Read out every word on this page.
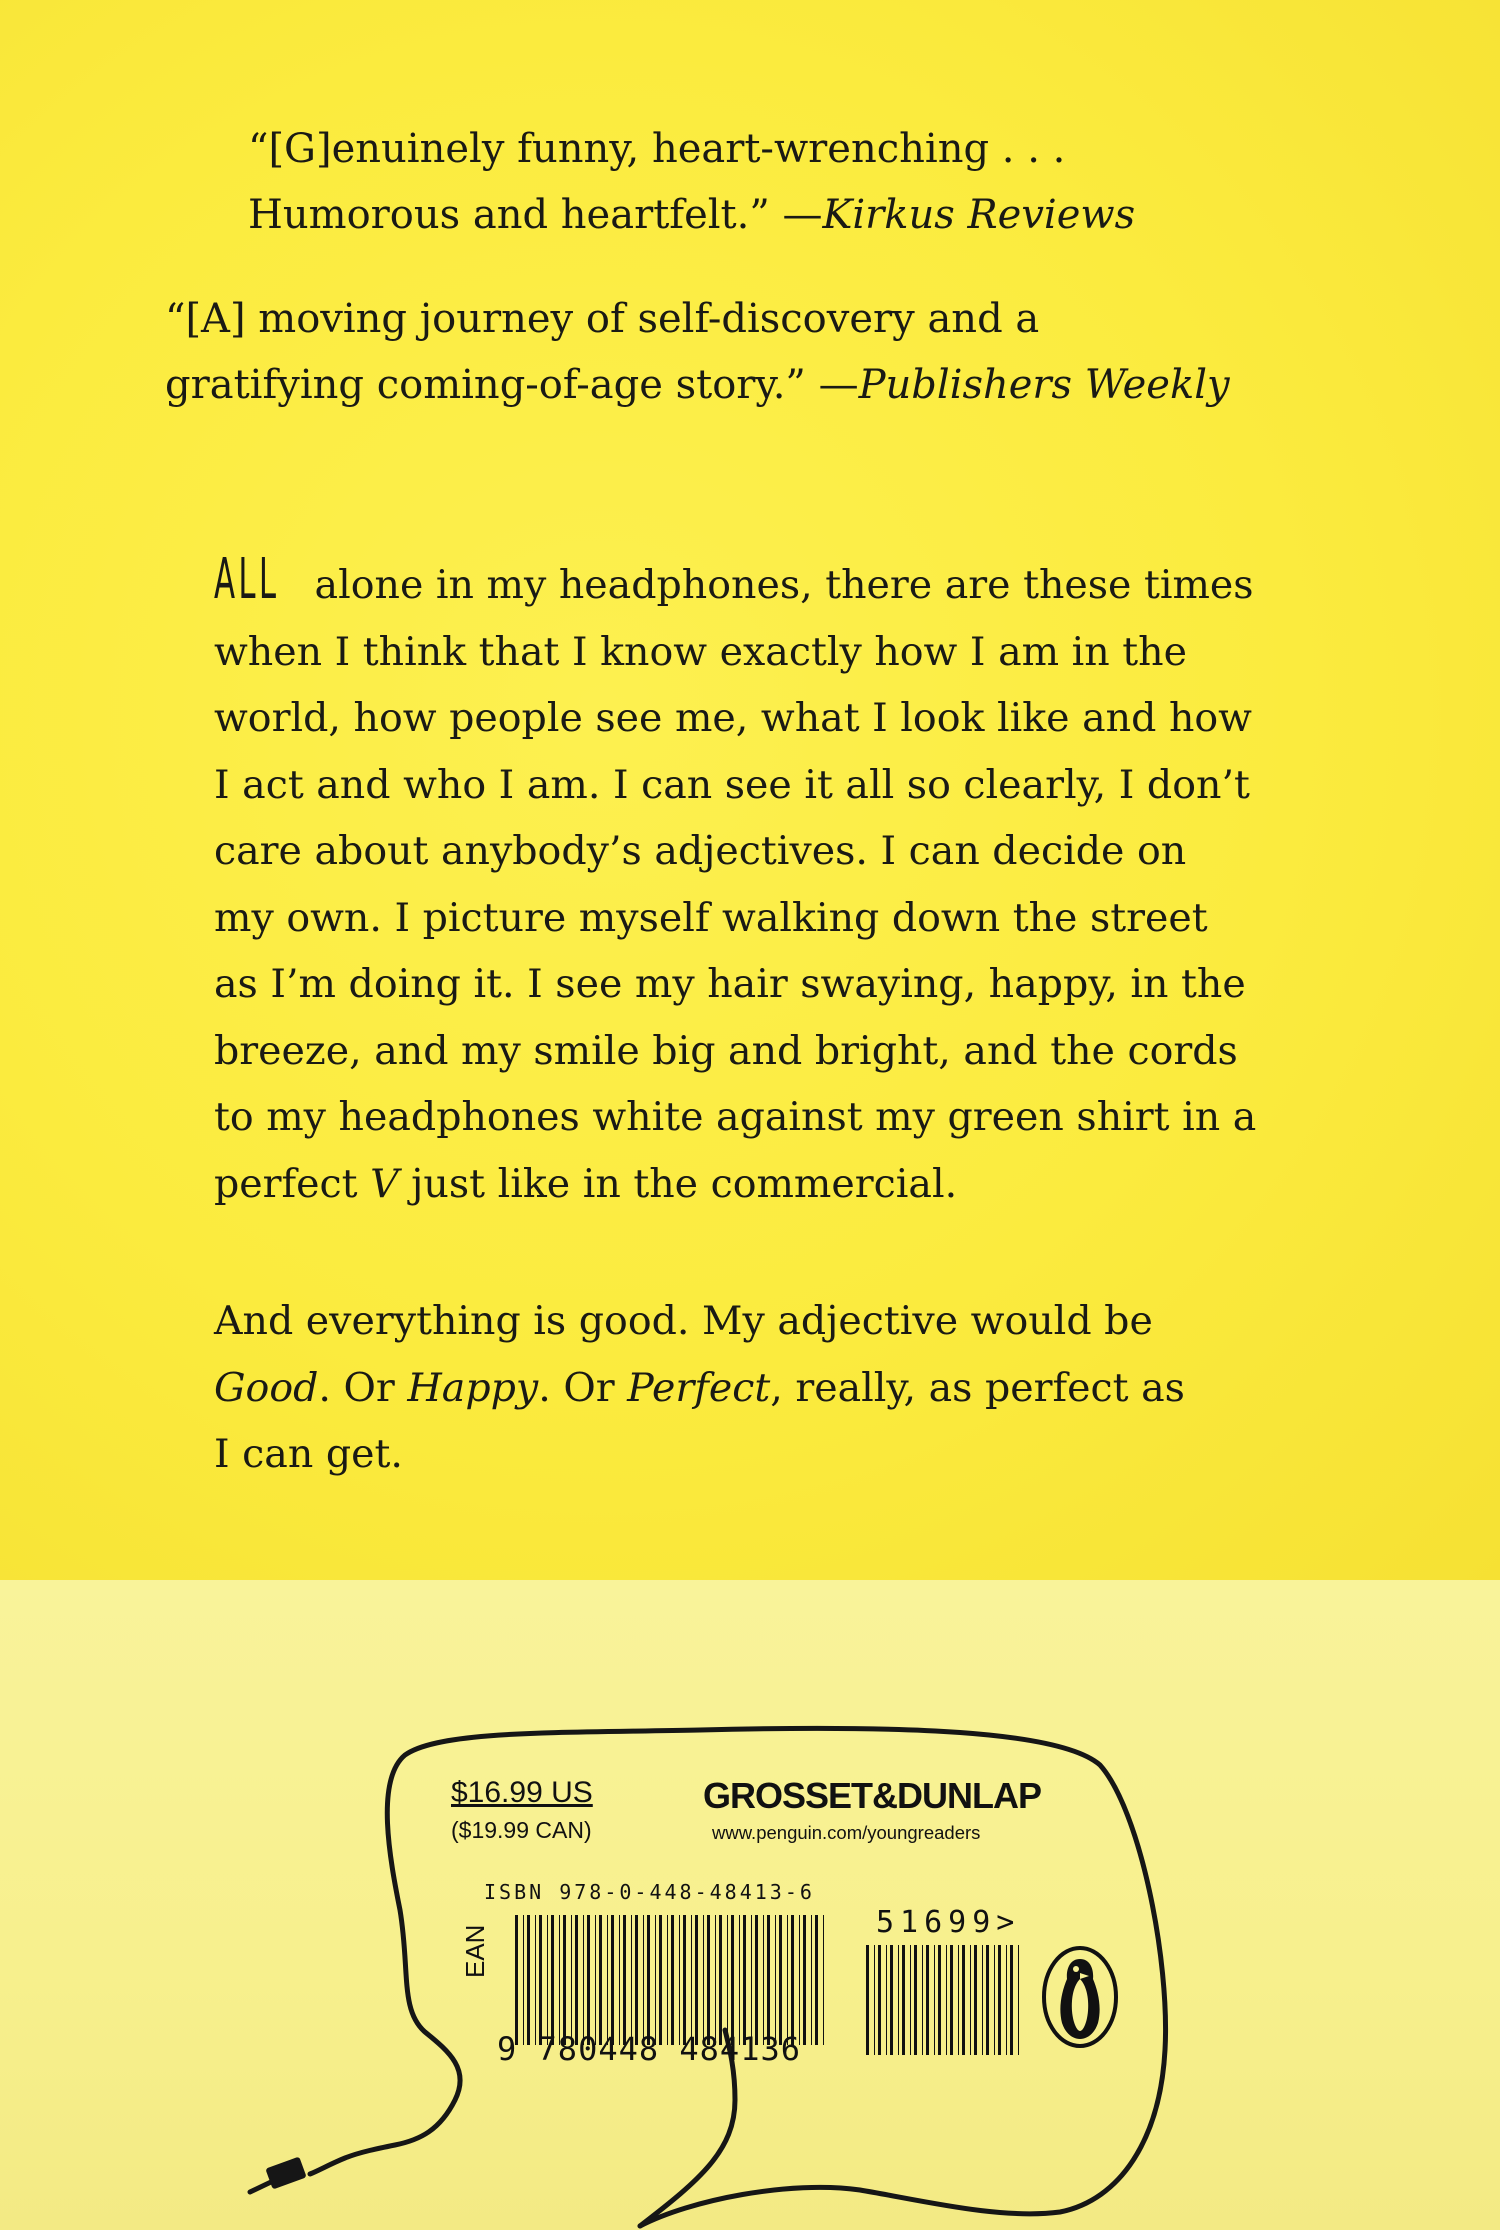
“[G]enuinely funny, heart-wrenching . . .
Humorous and heartfelt.” —Kirkus Reviews
“[A] moving journey of self-discovery and a
gratifying coming-of-age story.” —Publishers Weekly
ALL alone in my headphones, there are these times
when I think that I know exactly how I am in the
world, how people see me, what I look like and how
I act and who I am. I can see it all so clearly, I don’t
care about anybody’s adjectives. I can decide on
my own. I picture myself walking down the street
as I’m doing it. I see my hair swaying, happy, in the
breeze, and my smile big and bright, and the cords
to my headphones white against my green shirt in a
perfect V just like in the commercial.
And everything is good. My adjective would be
Good. Or Happy. Or Perfect, really, as perfect as
I can get.
$16.99 US
($19.99 CAN)
GROSSET&DUNLAP
www.penguin.com/youngreaders
ISBN 978-0-448-48413-6
EAN
9 780448 484136
51699>
